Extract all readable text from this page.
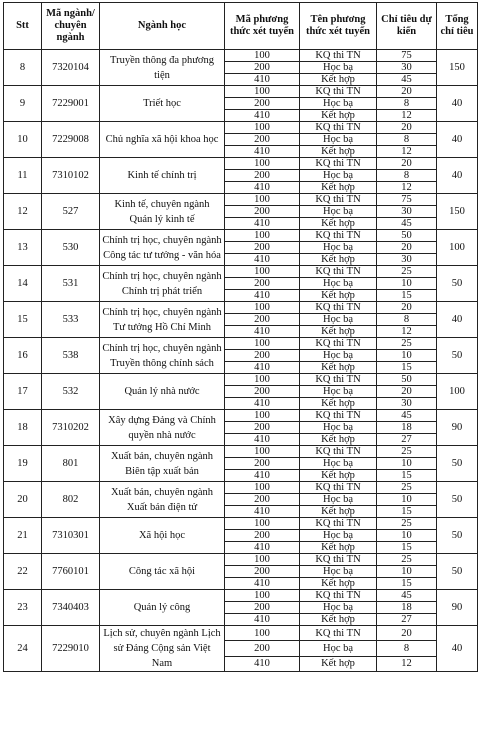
Stt	Mã ngành/ chuyên ngành	Ngành học	Mã phương thức xét tuyển	Tên phương thức xét tuyển	Chỉ tiêu dự kiến	Tổng chỉ tiêu
8	7320104	Truyền thông đa phương tiện	100	KQ thi TN	75	150
			200	Học bạ	30	
			410	Kết hợp	45	
9	7229001	Triết học	100	KQ thi TN	20	40
			200	Học bạ	8	
			410	Kết hợp	12	
10	7229008	Chủ nghĩa xã hội khoa học	100	KQ thi TN	20	40
			200	Học bạ	8	
			410	Kết hợp	12	
11	7310102	Kinh tế chính trị	100	KQ thi TN	20	40
			200	Học bạ	8	
			410	Kết hợp	12	
12	527	Kinh tế, chuyên ngành Quản lý kinh tế	100	KQ thi TN	75	150
			200	Học bạ	30	
			410	Kết hợp	45	
13	530	Chính trị học, chuyên ngành Công tác tư tưởng - văn hóa	100	KQ thi TN	50	100
			200	Học bạ	20	
			410	Kết hợp	30	
14	531	Chính trị học, chuyên ngành Chính trị phát triển	100	KQ thi TN	25	50
			200	Học bạ	10	
			410	Kết hợp	15	
15	533	Chính trị học, chuyên ngành Tư tưởng Hồ Chí Minh	100	KQ thi TN	20	40
			200	Học bạ	8	
			410	Kết hợp	12	
16	538	Chính trị học, chuyên ngành Truyền thông chính sách	100	KQ thi TN	25	50
			200	Học bạ	10	
			410	Kết hợp	15	
17	532	Quản lý nhà nước	100	KQ thi TN	50	100
			200	Học bạ	20	
			410	Kết hợp	30	
18	7310202	Xây dựng Đảng và Chính quyền nhà nước	100	KQ thi TN	45	90
			200	Học bạ	18	
			410	Kết hợp	27	
19	801	Xuất bản, chuyên ngành Biên tập xuất bản	100	KQ thi TN	25	50
			200	Học bạ	10	
			410	Kết hợp	15	
20	802	Xuất bản, chuyên ngành Xuất bản điện tử	100	KQ thi TN	25	50
			200	Học bạ	10	
			410	Kết hợp	15	
21	7310301	Xã hội học	100	KQ thi TN	25	50
			200	Học bạ	10	
			410	Kết hợp	15	
22	7760101	Công tác xã hội	100	KQ thi TN	25	50
			200	Học bạ	10	
			410	Kết hợp	15	
23	7340403	Quản lý công	100	KQ thi TN	45	90
			200	Học bạ	18	
			410	Kết hợp	27	
24	7229010	Lịch sử, chuyên ngành Lịch sử Đảng Cộng sản Việt Nam	100	KQ thi TN	20	40
			200	Học bạ	8	
			410	Kết hợp	12	
